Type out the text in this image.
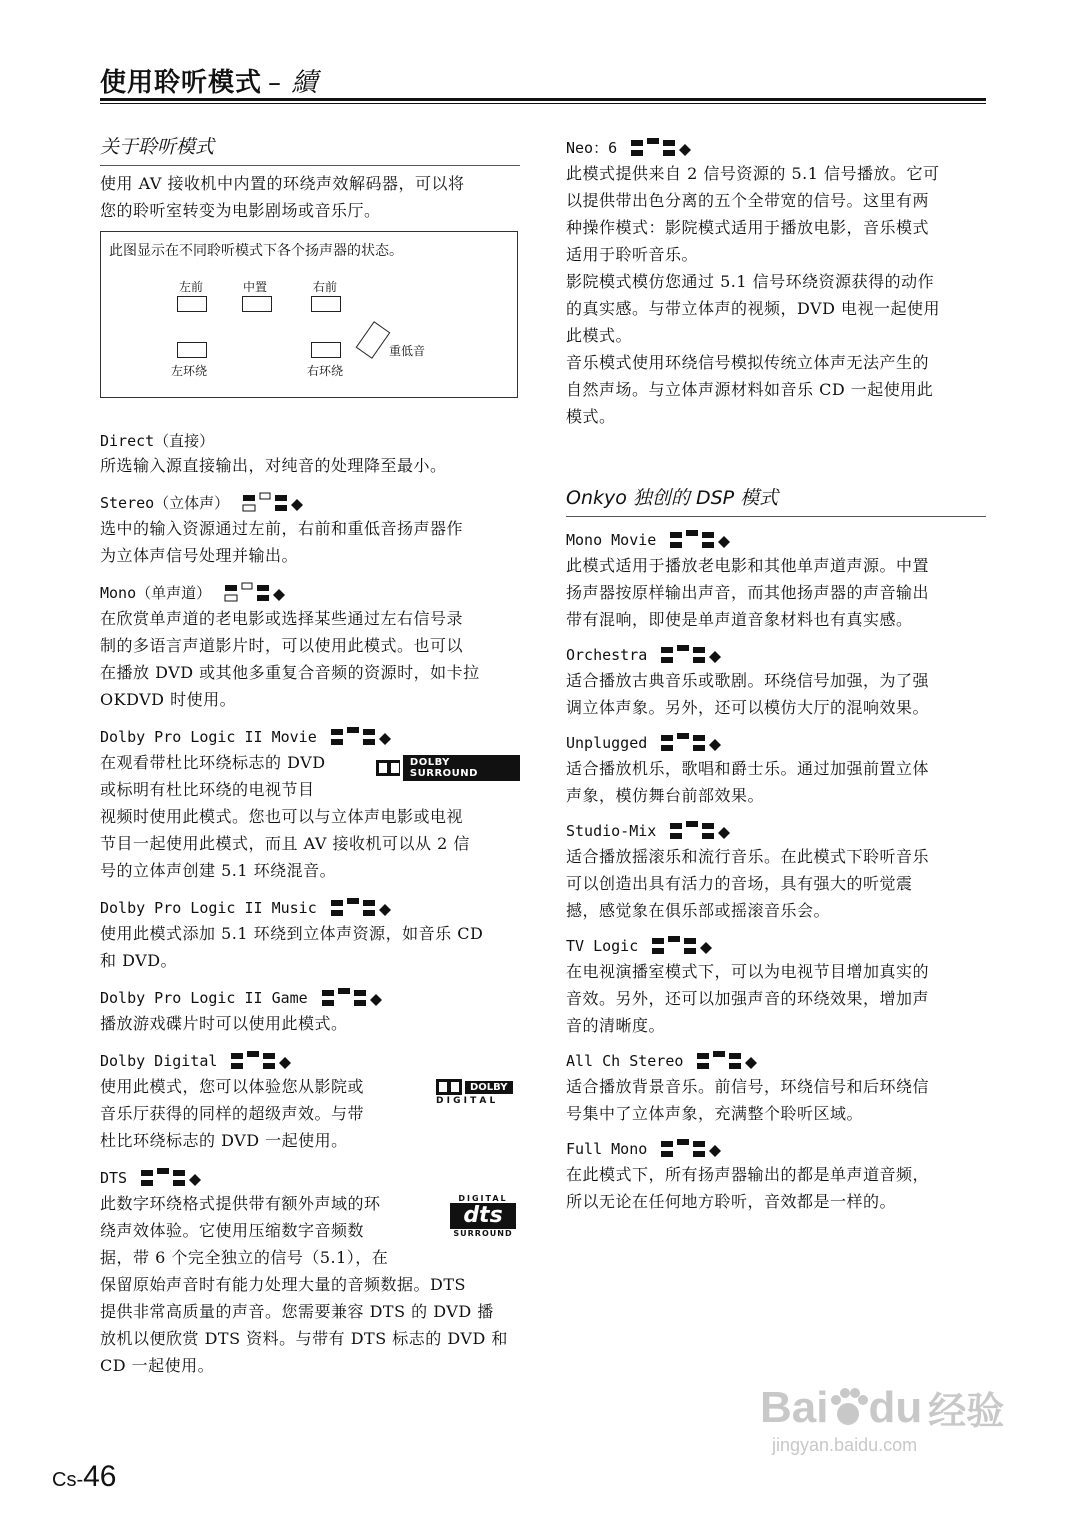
使用聆听模式 – 續
关于聆听模式
使用 AV 接收机中内置的环绕声效解码器，可以将
您的聆听室转变为电影剧场或音乐厅。
此图显示在不同聆听模式下各个扬声器的状态。
左前	中置	右前
左环绕	右环绕
重低音
Direct（直接）
所选输入源直接输出，对纯音的处理降至最小。
Stereo（立体声）
选中的输入资源通过左前，右前和重低音扬声器作
为立体声信号处理并输出。
Mono（单声道）
在欣赏单声道的老电影或选择某些通过左右信号录
制的多语言声道影片时，可以使用此模式。也可以
在播放 DVD 或其他多重复合音频的资源时，如卡拉
OKDVD 时使用。
Dolby Pro Logic II Movie
DOLBY SURROUND
在观看带杜比环绕标志的 DVD
或标明有杜比环绕的电视节目
视频时使用此模式。您也可以与立体声电影或电视
节目一起使用此模式，而且 AV 接收机可以从 2 信
号的立体声创建 5.1 环绕混音。
Dolby Pro Logic II Music
使用此模式添加 5.1 环绕到立体声资源，如音乐 CD
和 DVD。
Dolby Pro Logic II Game
播放游戏碟片时可以使用此模式。
Dolby Digital
DOLBY
D I G I T A L
使用此模式，您可以体验您从影院或
音乐厅获得的同样的超级声效。与带
杜比环绕标志的 DVD 一起使用。
DTS
DIGITAL
dts
SURROUND
此数字环绕格式提供带有额外声域的环
绕声效体验。它使用压缩数字音频数
据，带 6 个完全独立的信号（5.1），在
保留原始声音时有能力处理大量的音频数据。DTS
提供非常高质量的声音。您需要兼容 DTS 的 DVD 播
放机以便欣赏 DTS 资料。与带有 DTS 标志的 DVD 和
CD 一起使用。
Neo：6
此模式提供来自 2 信号资源的 5.1 信号播放。它可
以提供带出色分离的五个全带宽的信号。这里有两
种操作模式：影院模式适用于播放电影，音乐模式
适用于聆听音乐。
影院模式模仿您通过 5.1 信号环绕资源获得的动作
的真实感。与带立体声的视频，DVD 电视一起使用
此模式。
音乐模式使用环绕信号模拟传统立体声无法产生的
自然声场。与立体声源材料如音乐 CD 一起使用此
模式。
Onkyo 独创的 DSP 模式
Mono Movie
此模式适用于播放老电影和其他单声道声源。中置
扬声器按原样输出声音，而其他扬声器的声音输出
带有混响，即使是单声道音象材料也有真实感。
Orchestra
适合播放古典音乐或歌剧。环绕信号加强，为了强
调立体声象。另外，还可以模仿大厅的混响效果。
Unplugged
适合播放机乐，歌唱和爵士乐。通过加强前置立体
声象，模仿舞台前部效果。
Studio-Mix
适合播放摇滚乐和流行音乐。在此模式下聆听音乐
可以创造出具有活力的音场，具有强大的听觉震
撼，感觉象在俱乐部或摇滚音乐会。
TV Logic
在电视演播室模式下，可以为电视节目增加真实的
音效。另外，还可以加强声音的环绕效果，增加声
音的清晰度。
All Ch Stereo
适合播放背景音乐。前信号，环绕信号和后环绕信
号集中了立体声象，充满整个聆听区域。
Full Mono
在此模式下，所有扬声器输出的都是单声道音频，
所以无论在任何地方聆听，音效都是一样的。
Cs-46
Bai du 经验
jingyan.baidu.com
